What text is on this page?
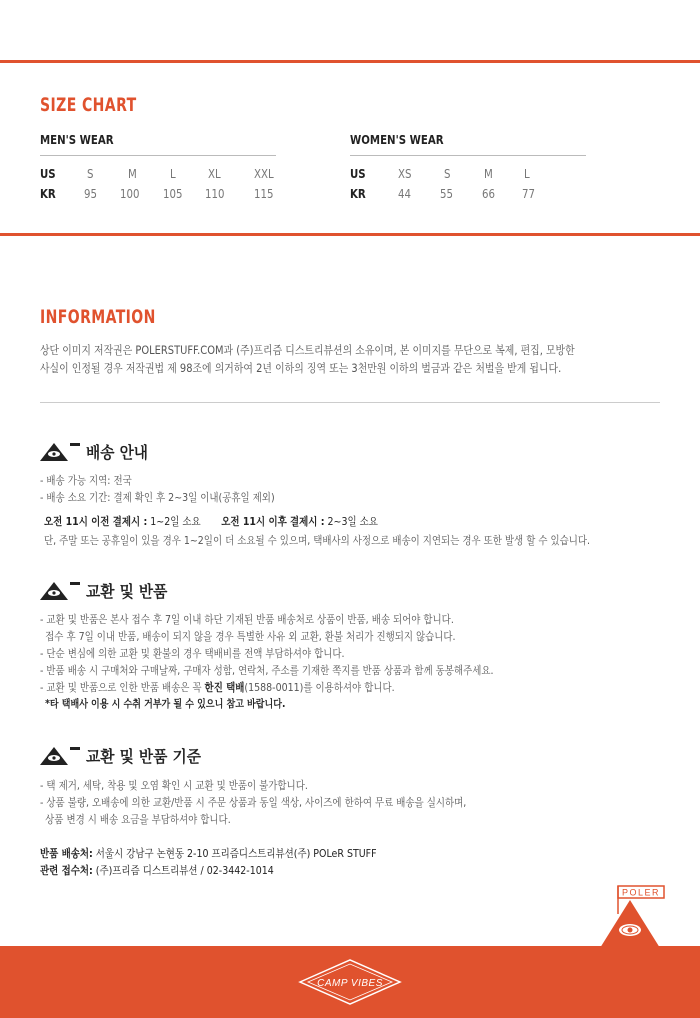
SIZE CHART
MEN'S WEAR
US	S	M	L	XL	XXL
KR 95 100 105 110 115
WOMEN'S WEAR
US	XS	S	M	L
KR	44 55 66 77
INFORMATION
상단 이미지 저작권은 POLERSTUFF.COM과 (주)프리즘 디스트리뷰션의 소유이며, 본 이미지를 무단으로 복제, 편집, 모방한
사실이 인정될 경우 저작권법 제 98조에 의거하여 2년 이하의 징역 또는 3천만원 이하의 벌금과 같은 처벌을 받게 됩니다.
배송 안내
- 배송 가능 지역: 전국
- 배송 소요 기간: 결제 확인 후 2~3일 이내(공휴일 제외)
오전 11시 이전 결제시 : 1~2일 소요 오전 11시 이후 결제시 : 2~3일 소요
단, 주말 또는 공휴일이 있을 경우 1~2일이 더 소요될 수 있으며, 택배사의 사정으로 배송이 지연되는 경우 또한 발생 할 수 있습니다.
교환 및 반품
- 교환 및 반품은 본사 접수 후 7일 이내 하단 기재된 반품 배송처로 상품이 반품, 배송 되어야 합니다.
접수 후 7일 이내 반품, 배송이 되지 않을 경우 특별한 사유 외 교환, 환불 처리가 진행되지 않습니다.
- 단순 변심에 의한 교환 및 환불의 경우 택배비를 전액 부담하셔야 합니다.
- 반품 배송 시 구매처와 구매날짜, 구매자 성함, 연락처, 주소를 기재한 쪽지를 반품 상품과 함께 동봉해주세요.
- 교환 및 반품으로 인한 반품 배송은 꼭 한진 택배(1588-0011)를 이용하셔야 합니다.
*타 택배사 이용 시 수취 거부가 될 수 있으니 참고 바랍니다.
교환 및 반품 기준
- 택 제거, 세탁, 착용 및 오염 확인 시 교환 및 반품이 불가합니다.
- 상품 불량, 오배송에 의한 교환/반품 시 주문 상품과 동일 색상, 사이즈에 한하여 무료 배송을 실시하며,
상품 변경 시 배송 요금을 부담하셔야 합니다.
반품 배송처: 서울시 강남구 논현동 2-10 프리즘디스트리뷰션(주) POLeR STUFF
관련 접수처: (주)프리즘 디스트리뷰션 / 02-3442-1014
POLER
CAMP VIBES
